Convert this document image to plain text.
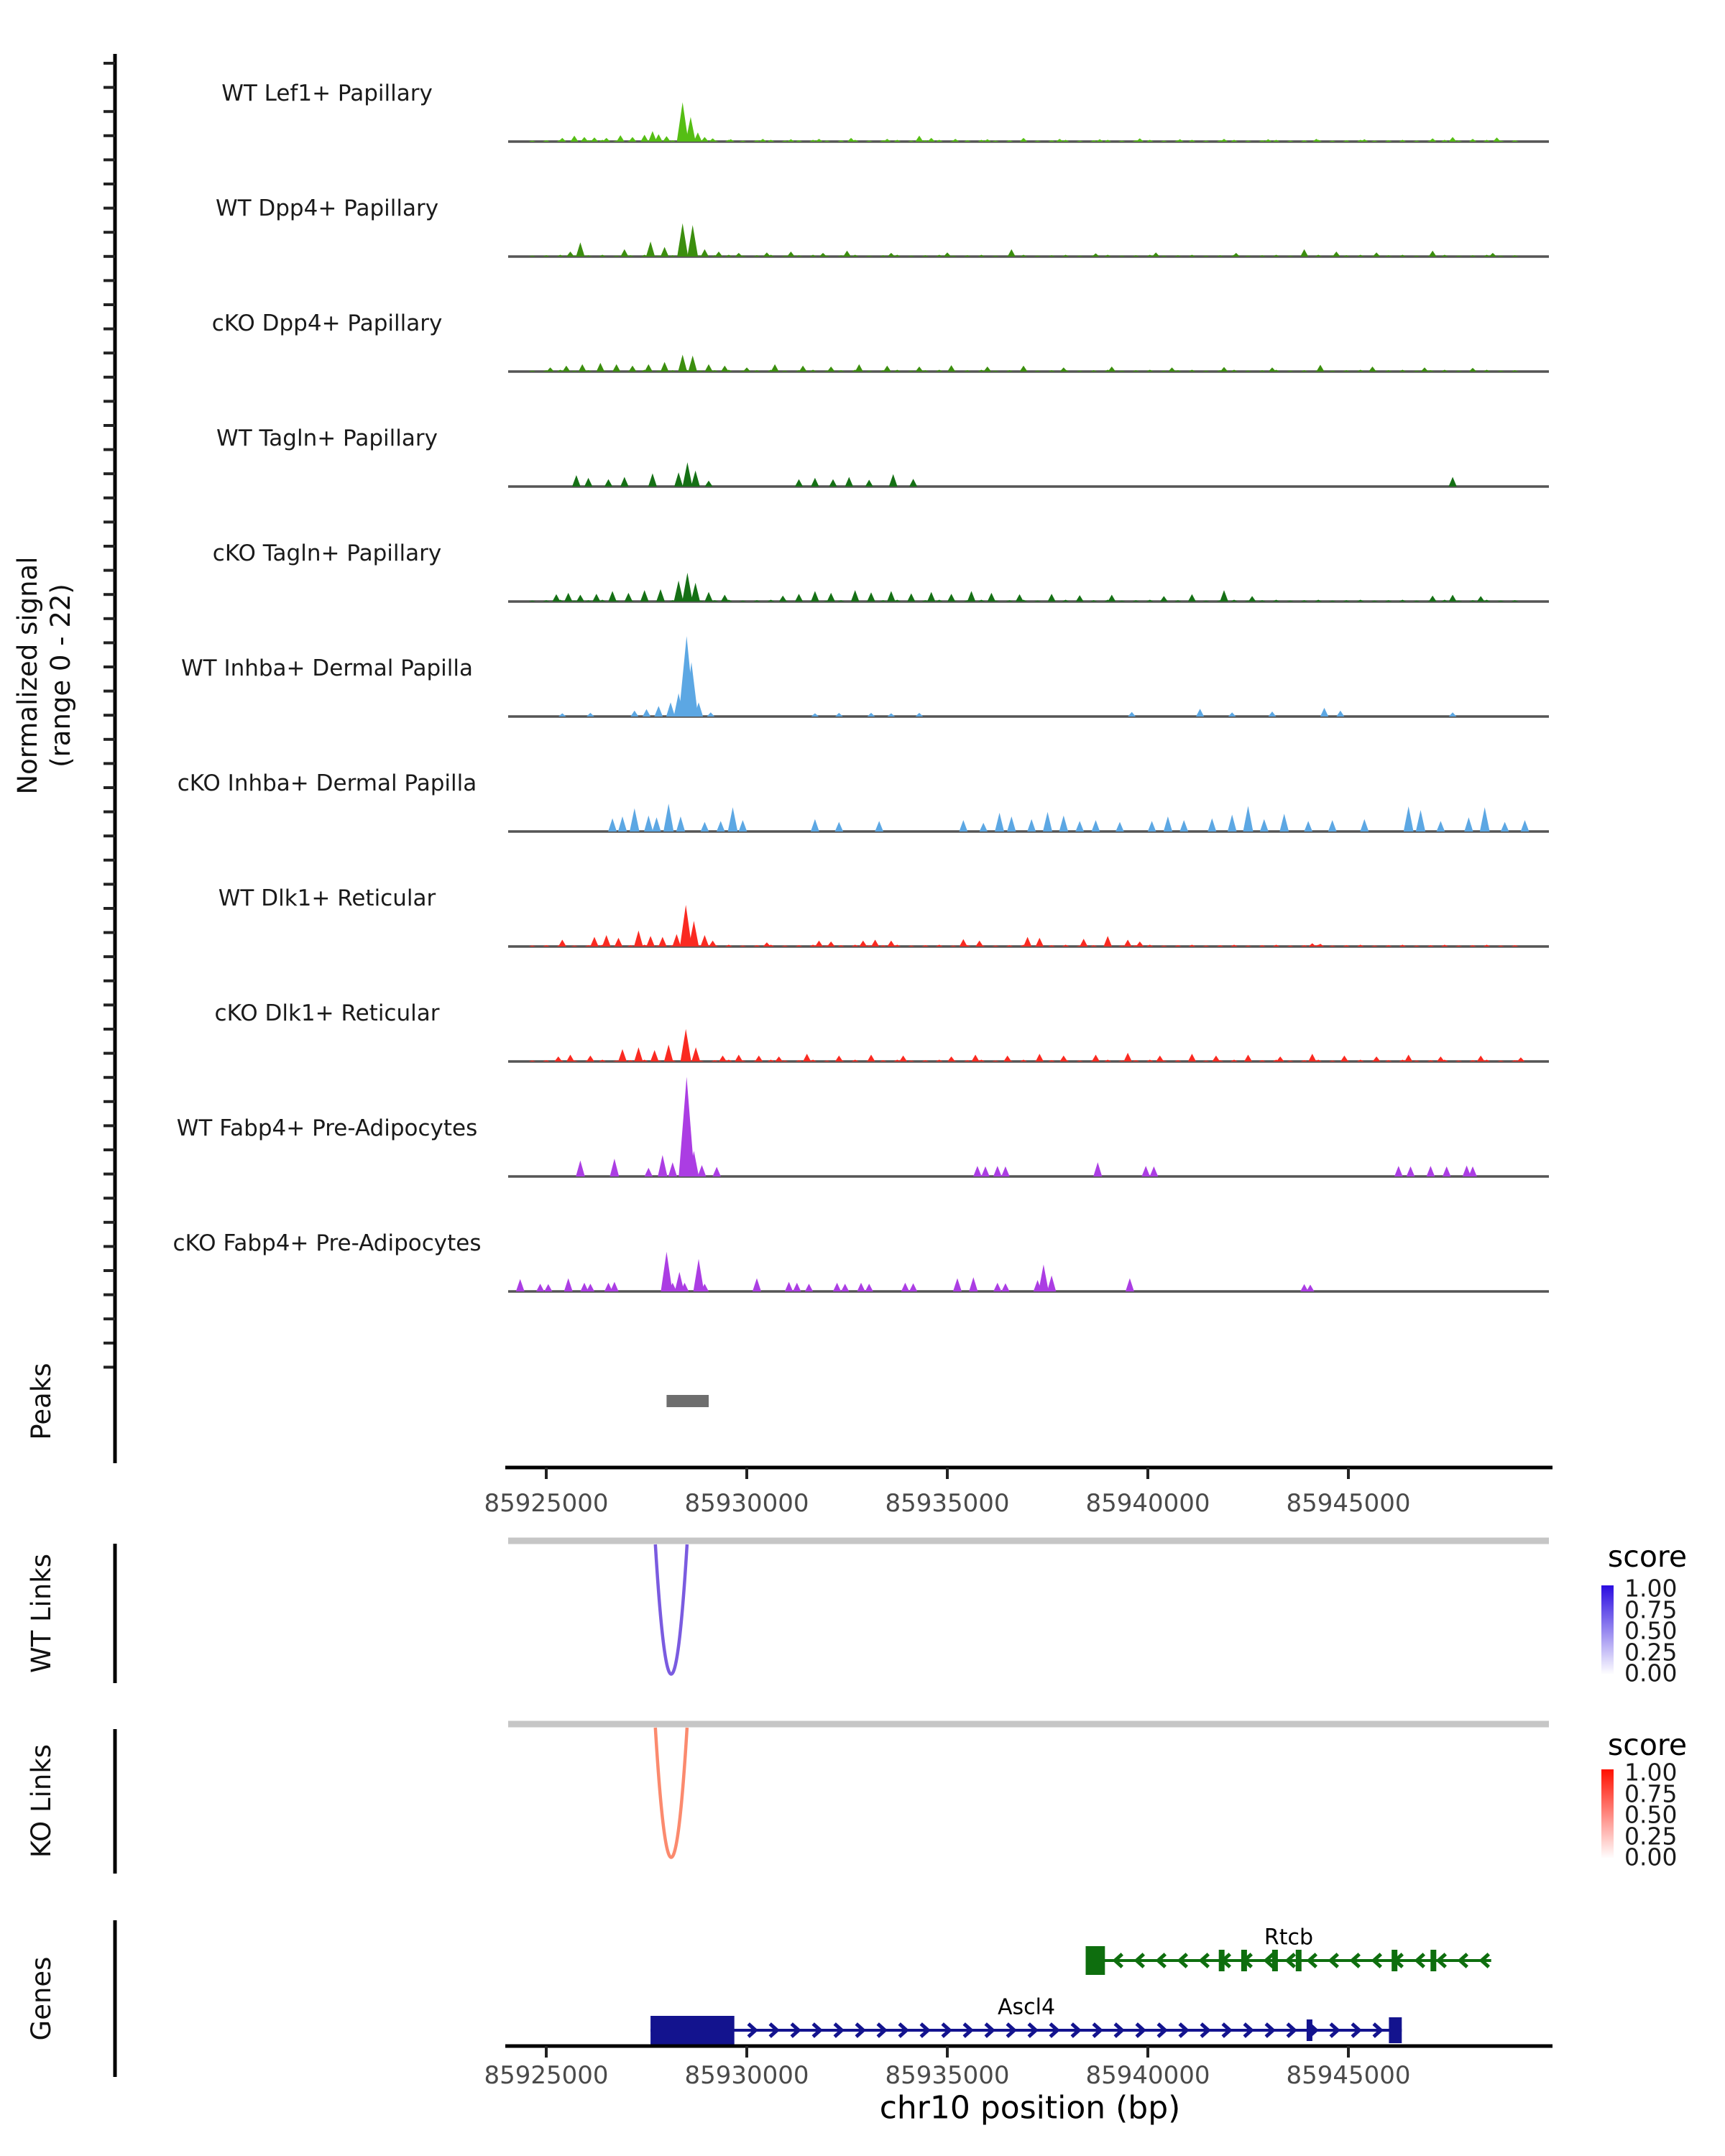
Normalized signal
(range 0 - 22)
Peaks
WT Links
KO Links
Genes
WT Lef1+ Papillary
WT Dpp4+ Papillary
cKO Dpp4+ Papillary
WT Tagln+ Papillary
cKO Tagln+ Papillary
WT Inhba+ Dermal Papilla
cKO Inhba+ Dermal Papilla
WT Dlk1+ Reticular
cKO Dlk1+ Reticular
WT Fabp4+ Pre-Adipocytes
cKO Fabp4+ Pre-Adipocytes
85925000	85930000	85935000	85940000	85945000
85925000	85930000	85935000	85940000	85945000
score
1.00
0.75
0.50
0.25
0.00
score
1.00
0.75
0.50
0.25
0.00
Rtcb
Ascl4
chr10 position (bp)
